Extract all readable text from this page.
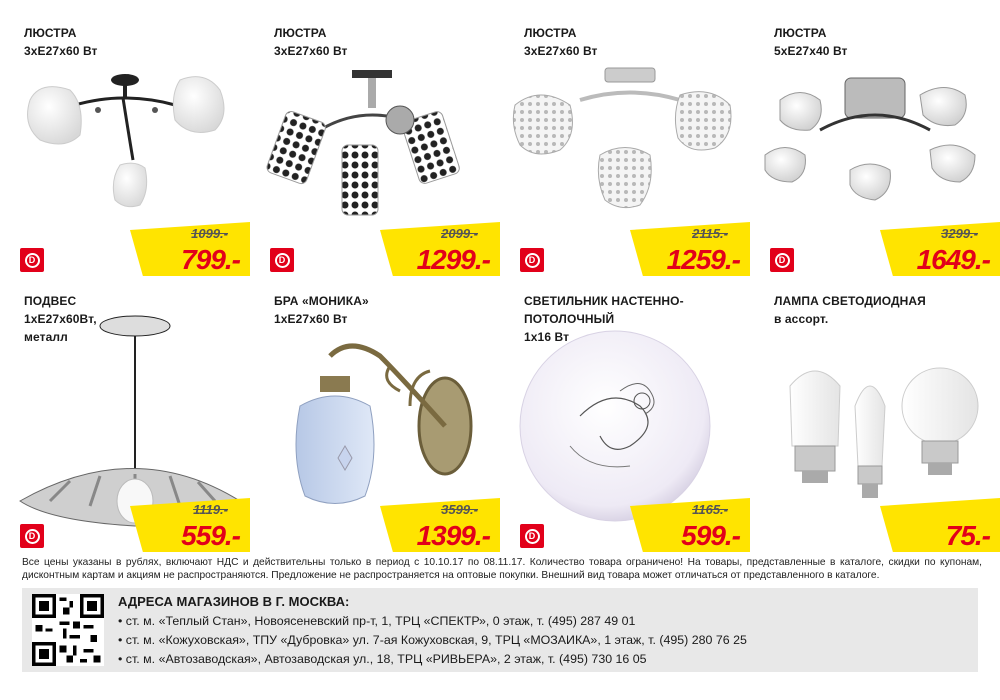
ЛЮСТРА
3хE27х60 Вт
D
1099.-
799.-
ЛЮСТРА
3хE27х60 Вт
D
2099.-
1299.-
ЛЮСТРА
3хE27х60 Вт
D
2115.-
1259.-
ЛЮСТРА
5хE27х40 Вт
D
3299.-
1649.-
ПОДВЕС
1хE27х60Вт,
металл
D
1119.-
559.-
БРА «МОНИКА»
1хE27х60 Вт
3599.-
1399.-
СВЕТИЛЬНИК НАСТЕННО-ПОТОЛОЧНЫЙ
1х16 Вт
D
1165.-
599.-
ЛАМПА СВЕТОДИОДНАЯ
в ассорт.
75.-
Все цены указаны в рублях, включают НДС и действительны только в период с 10.10.17 по 08.11.17. Количество товара ограничено! На товары, представленные в каталоге, скидки по купонам, дисконтным картам и акциям не распространяются. Предложение не распространяется на оптовые покупки. Внешний вид товара может отличаться от представленного в каталоге.
АДРЕСА МАГАЗИНОВ В Г. МОСКВА:
• ст. м. «Теплый Стан», Новоясеневский пр-т, 1, ТРЦ «СПЕКТР», 0 этаж, т. (495) 287 49 01
• ст. м. «Кожуховская», ТПУ «Дубровка» ул. 7-ая Кожуховская, 9, ТРЦ «МОЗАИКА», 1 этаж, т. (495) 280 76 25
• ст. м. «Автозаводская», Автозаводская ул., 18, ТРЦ «РИВЬЕРА», 2 этаж, т. (495) 730 16 05
